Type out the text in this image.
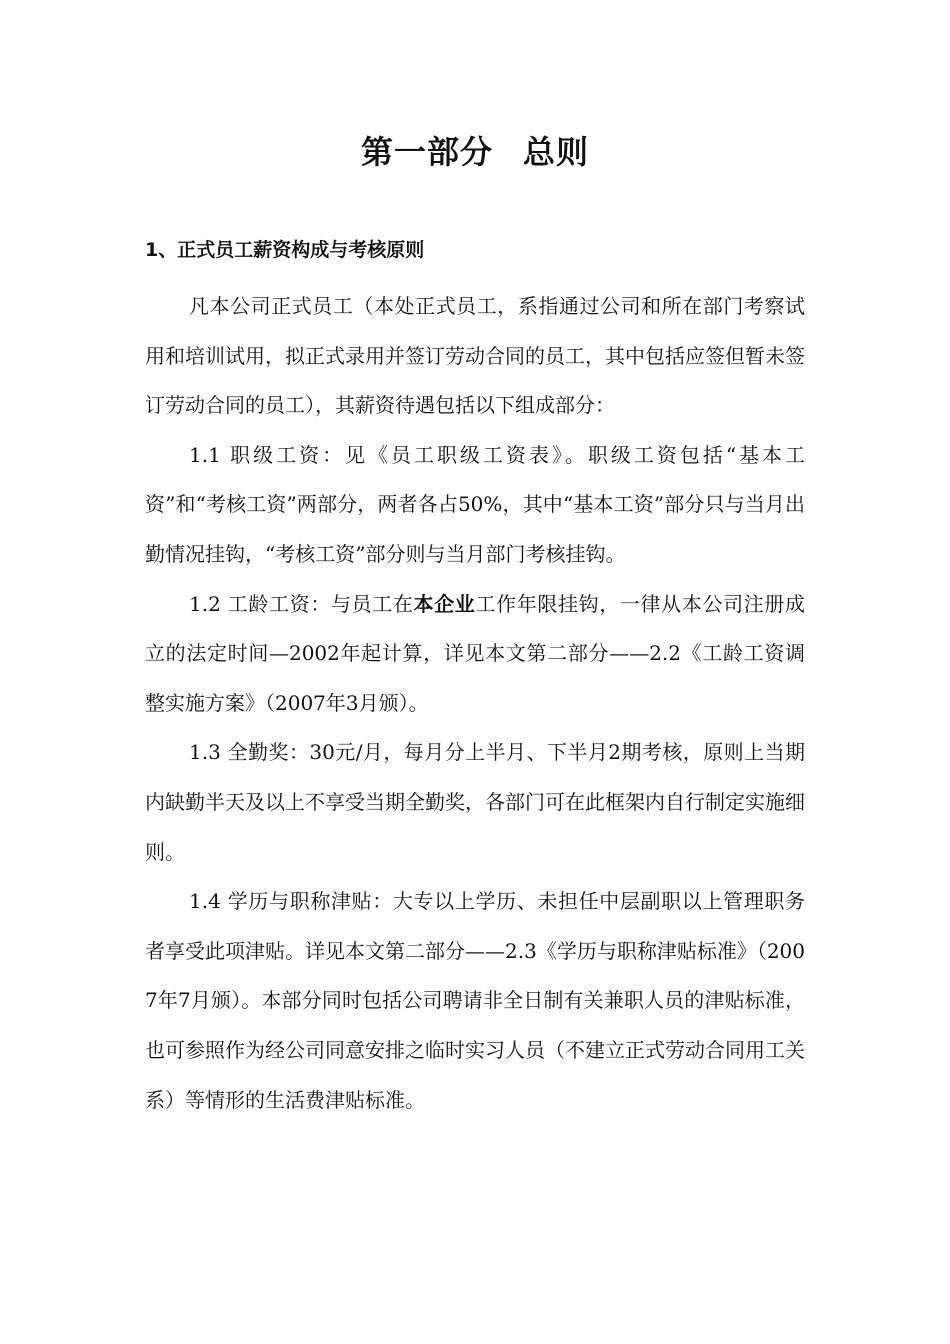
第一部分 总则
1、正式员工薪资构成与考核原则

凡本公司正式员工（本处正式员工，系指通过公司和所在部门考察试用和培训试用，拟正式录用并签订劳动合同的员工，其中包括应签但暂未签订劳动合同的员工），其薪资待遇包括以下组成部分：

1.1 职级工资：见《员工职级工资表》。职级工资包括“基本工资”和“考核工资”两部分，两者各占50%，其中“基本工资”部分只与当月出勤情况挂钩，“考核工资”部分则与当月部门考核挂钩。

1.2 工龄工资：与员工在本企业工作年限挂钩，一律从本公司注册成立的法定时间—2002年起计算，详见本文第二部分——2.2《工龄工资调整实施方案》（2007年3月颁）。

1.3 全勤奖：30元/月，每月分上半月、下半月2期考核，原则上当期内缺勤半天及以上不享受当期全勤奖，各部门可在此框架内自行制定实施细则。

1.4 学历与职称津贴：大专以上学历、未担任中层副职以上管理职务者享受此项津贴。详见本文第二部分——2.3《学历与职称津贴标准》（2007年7月颁）。本部分同时包括公司聘请非全日制有关兼职人员的津贴标准，也可参照作为经公司同意安排之临时实习人员（不建立正式劳动合同用工关系）等情形的生活费津贴标准。
